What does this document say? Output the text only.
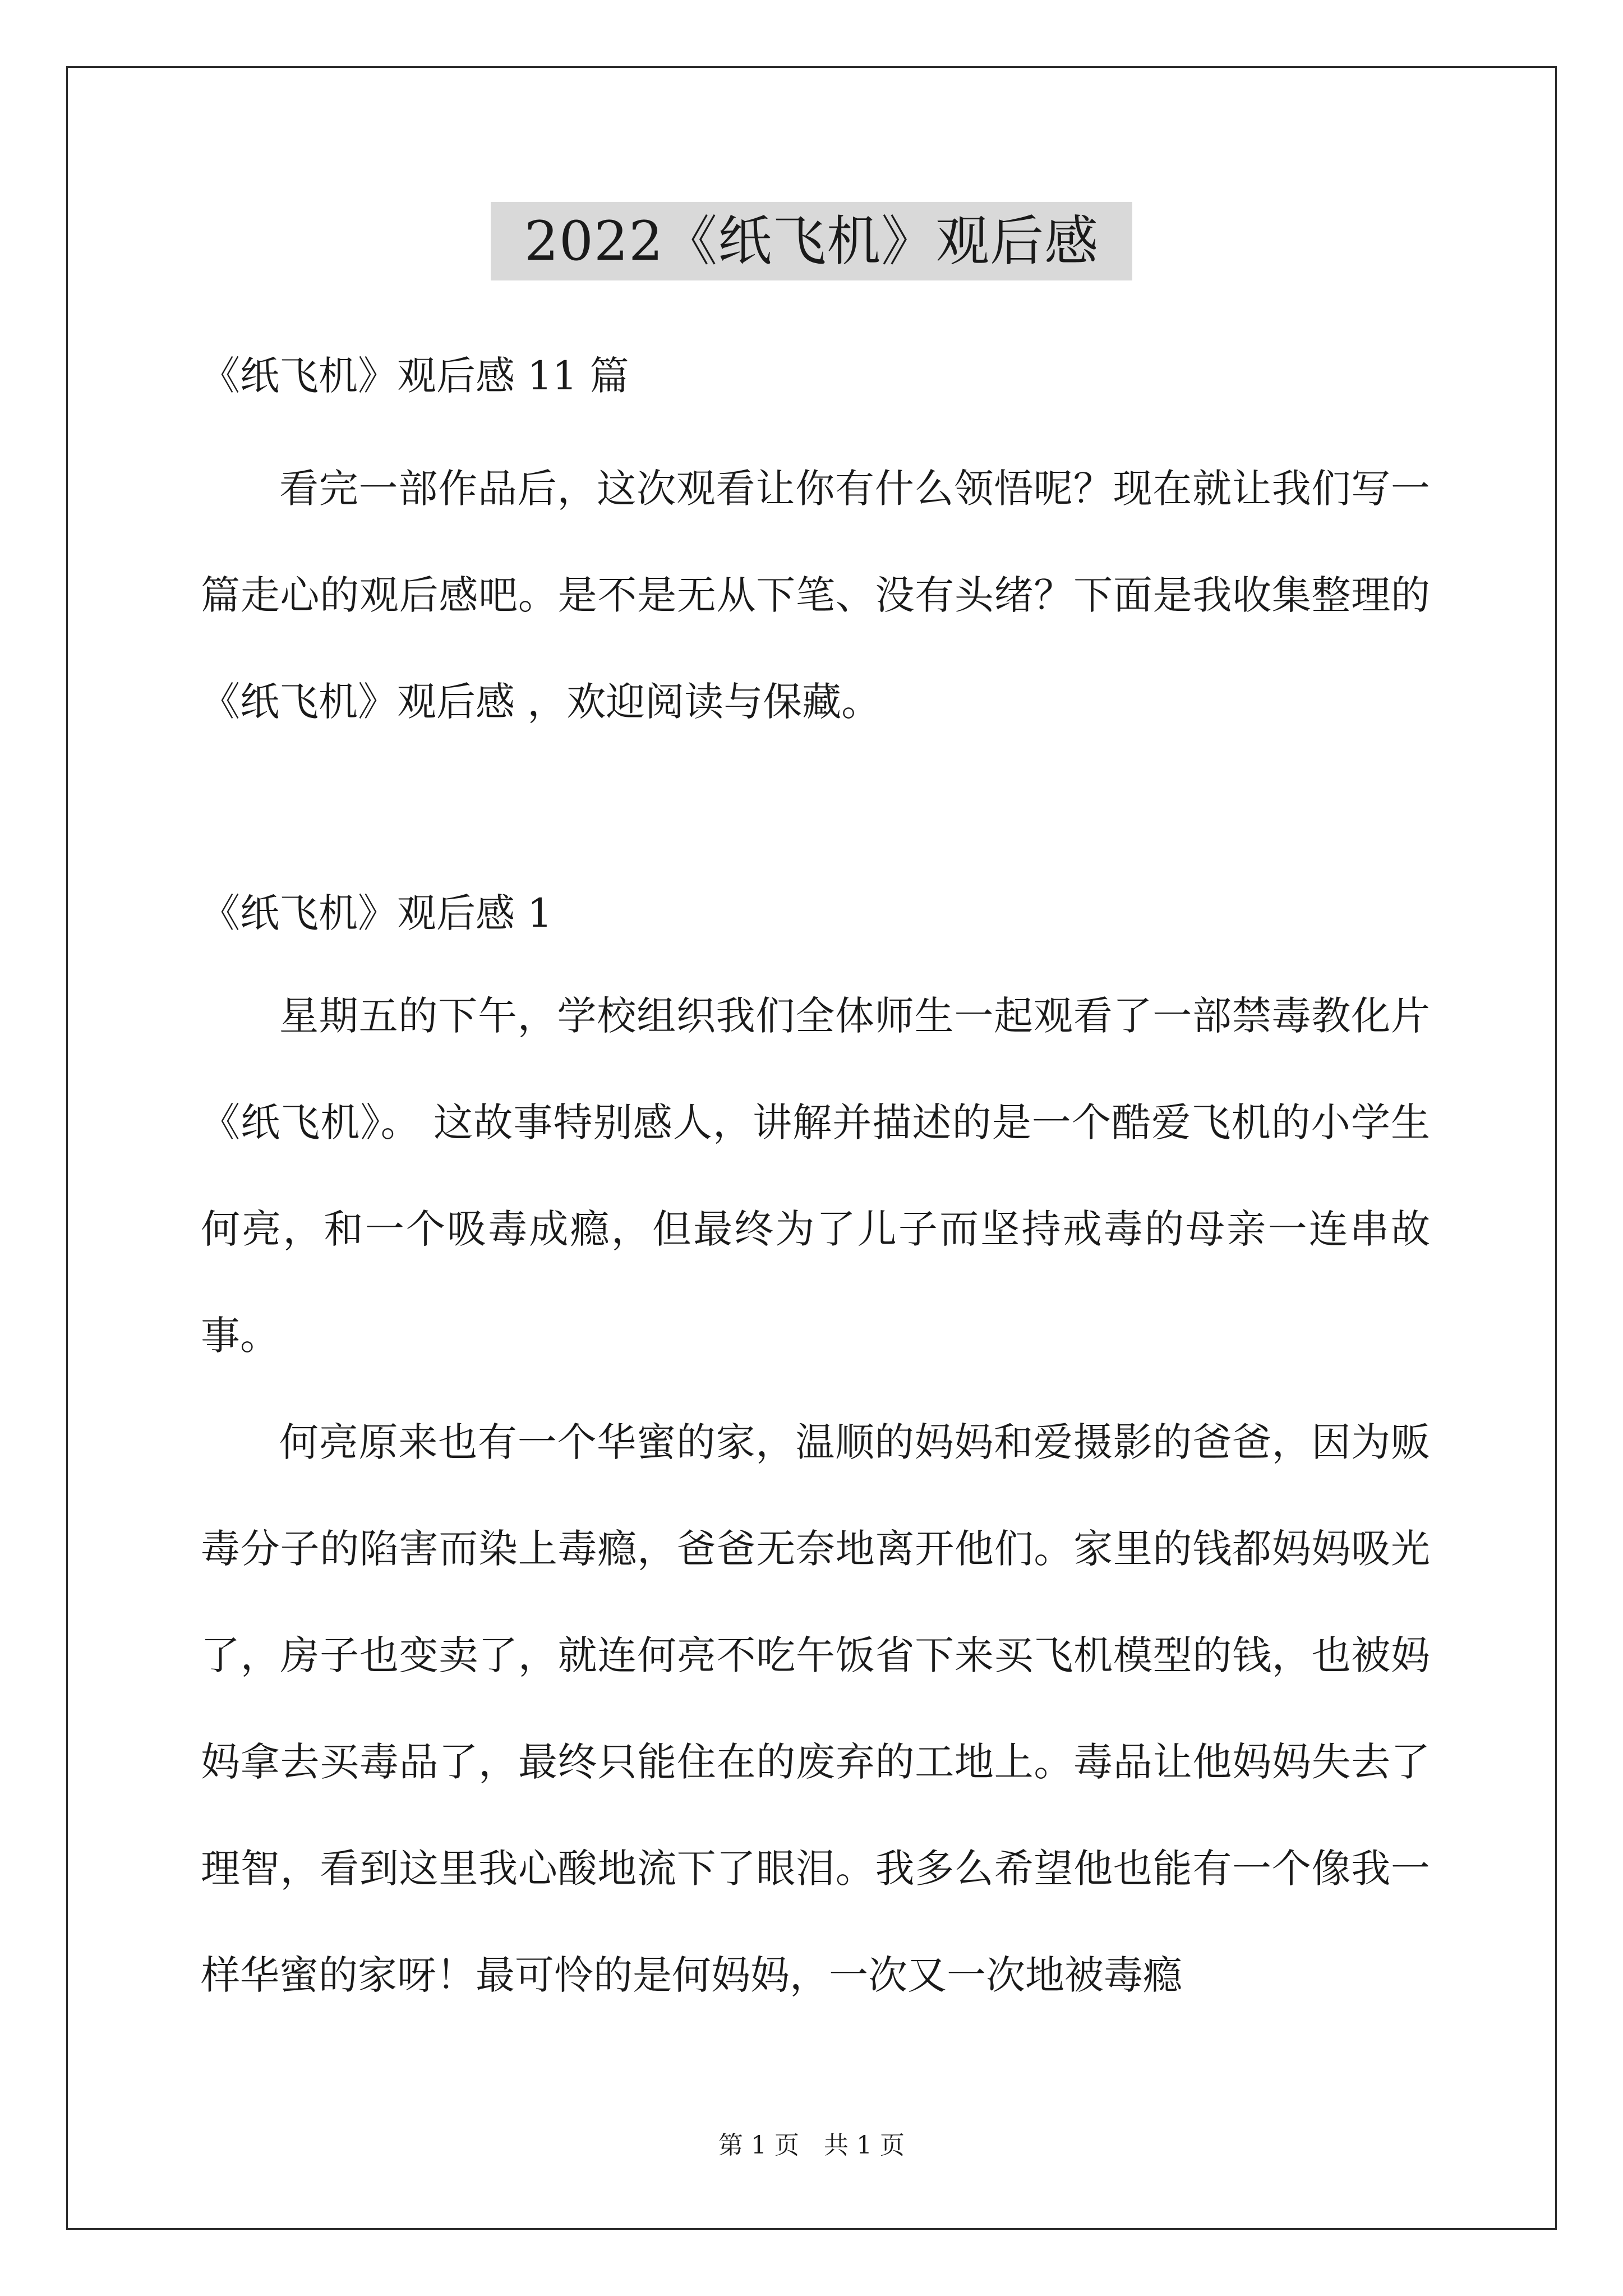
2022《纸飞机》观后感
《纸飞机》观后感 11 篇
看完一部作品后，这次观看让你有什么领悟呢？现在就让我们写一篇走心的观后感吧。是不是无从下笔、没有头绪？下面是我收集整理的《纸飞机》观后感 ，欢迎阅读与保藏。
《纸飞机》观后感 1
星期五的下午，学校组织我们全体师生一起观看了一部禁毒教化片《纸飞机》。 这故事特别感人，讲解并描述的是一个酷爱飞机的小学生何亮，和一个吸毒成瘾，但最终为了儿子而坚持戒毒的母亲一连串故事。
何亮原来也有一个华蜜的家，温顺的妈妈和爱摄影的爸爸，因为贩毒分子的陷害而染上毒瘾，爸爸无奈地离开他们。家里的钱都妈妈吸光了，房子也变卖了，就连何亮不吃午饭省下来买飞机模型的钱，也被妈妈拿去买毒品了，最终只能住在的废弃的工地上。毒品让他妈妈失去了理智，看到这里我心酸地流下了眼泪。我多么希望他也能有一个像我一样华蜜的家呀！最可怜的是何妈妈，一次又一次地被毒瘾
第 1 页　共 1 页
